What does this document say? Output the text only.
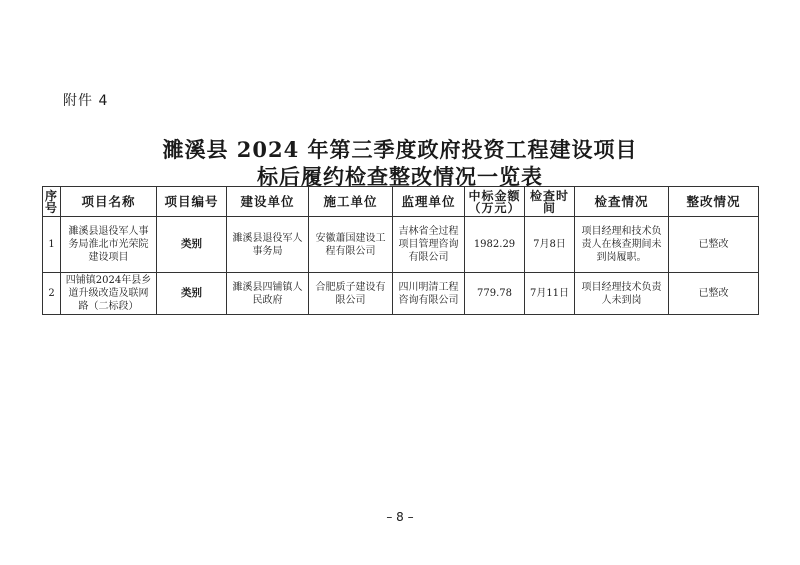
附件 4
濉溪县 2024 年第三季度政府投资工程建设项目
标后履约检查整改情况一览表
序号	项目名称	项目编号	建设单位	施工单位	监理单位	中标金额（万元）	检查时间	检查情况	整改情况
1	濉溪县退役军人事务局淮北市光荣院建设项目	类别	濉溪县退役军人事务局	安徽蕭国建设工程有限公司	吉林省全过程项目管理咨询有限公司	1982.29	7月8日	项目经理和技术负责人在核查期间未到岗履职。	已整改
2	四铺镇2024年县乡道升级改造及联网路（二标段）	类别	濉溪县四铺镇人民政府	合肥质子建设有限公司	四川明清工程咨询有限公司	779.78	7月11日	项目经理技术负责人未到岗	已整改
– 8 –
